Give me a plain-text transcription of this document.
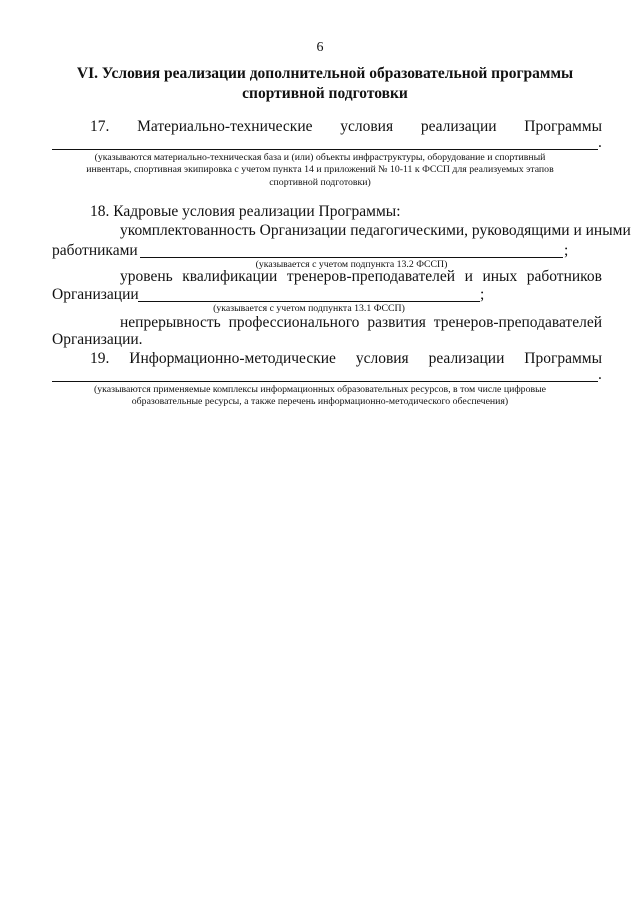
6
VI. Условия реализации дополнительной образовательной программы
спортивной подготовки
17. Материально-технические условия реализации Программы
.
(указываются материально-техническая база и (или) объекты инфраструктуры, оборудование и спортивный
инвентарь, спортивная экипировка с учетом пункта 14 и приложений № 10-11 к ФССП для реализуемых этапов
спортивной подготовки)
18. Кадровые условия реализации Программы:
укомплектованность Организации педагогическими, руководящими и иными
работниками	;
(указывается с учетом подпункта 13.2 ФССП)
уровень квалификации тренеров-преподавателей и иных работников
Организации	;
(указывается с учетом подпункта 13.1 ФССП)
непрерывность профессионального развития тренеров-преподавателей
Организации.
19. Информационно-методические условия реализации Программы
.
(указываются применяемые комплексы информационных образовательных ресурсов, в том числе цифровые
образовательные ресурсы, а также перечень информационно-методического обеспечения)
